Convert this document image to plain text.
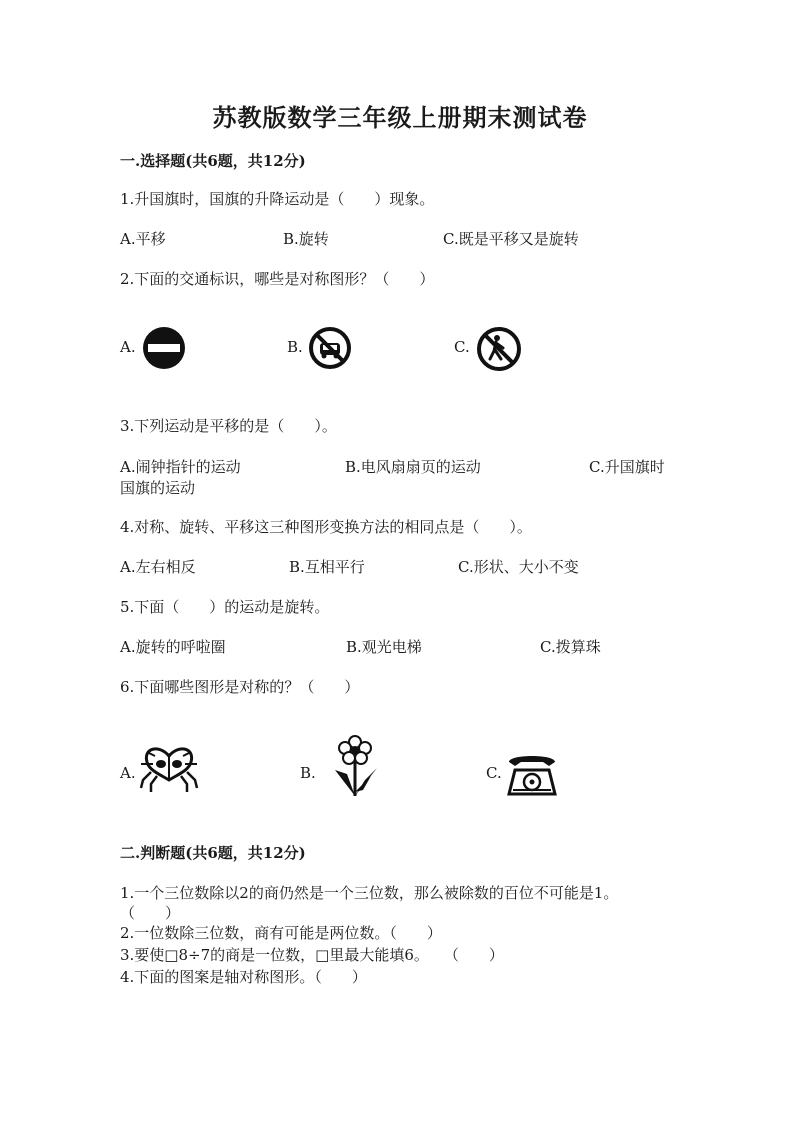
苏教版数学三年级上册期末测试卷
一.选择题(共6题，共12分)
1.升国旗时，国旗的升降运动是（　　）现象。
A.平移	B.旋转	C.既是平移又是旋转
2.下面的交通标识，哪些是对称图形？（　　）
A.	B.	C.
3.下列运动是平移的是（　　）。
A.闹钟指针的运动	B.电风扇扇页的运动	C.升国旗时
国旗的运动
4.对称、旋转、平移这三种图形变换方法的相同点是（　　）。
A.左右相反	B.互相平行	C.形状、大小不变
5.下面（　　）的运动是旋转。
A.旋转的呼啦圈	B.观光电梯	C.拨算珠
6.下面哪些图形是对称的？（　　）
A.	B.	C.
二.判断题(共6题，共12分)
1.一个三位数除以2的商仍然是一个三位数，那么被除数的百位不可能是1。
（　　）
2.一位数除三位数，商有可能是两位数。（　　）
3.要使□8÷7的商是一位数，□里最大能填6。　　（　　）
4.下面的图案是轴对称图形。（　　）
